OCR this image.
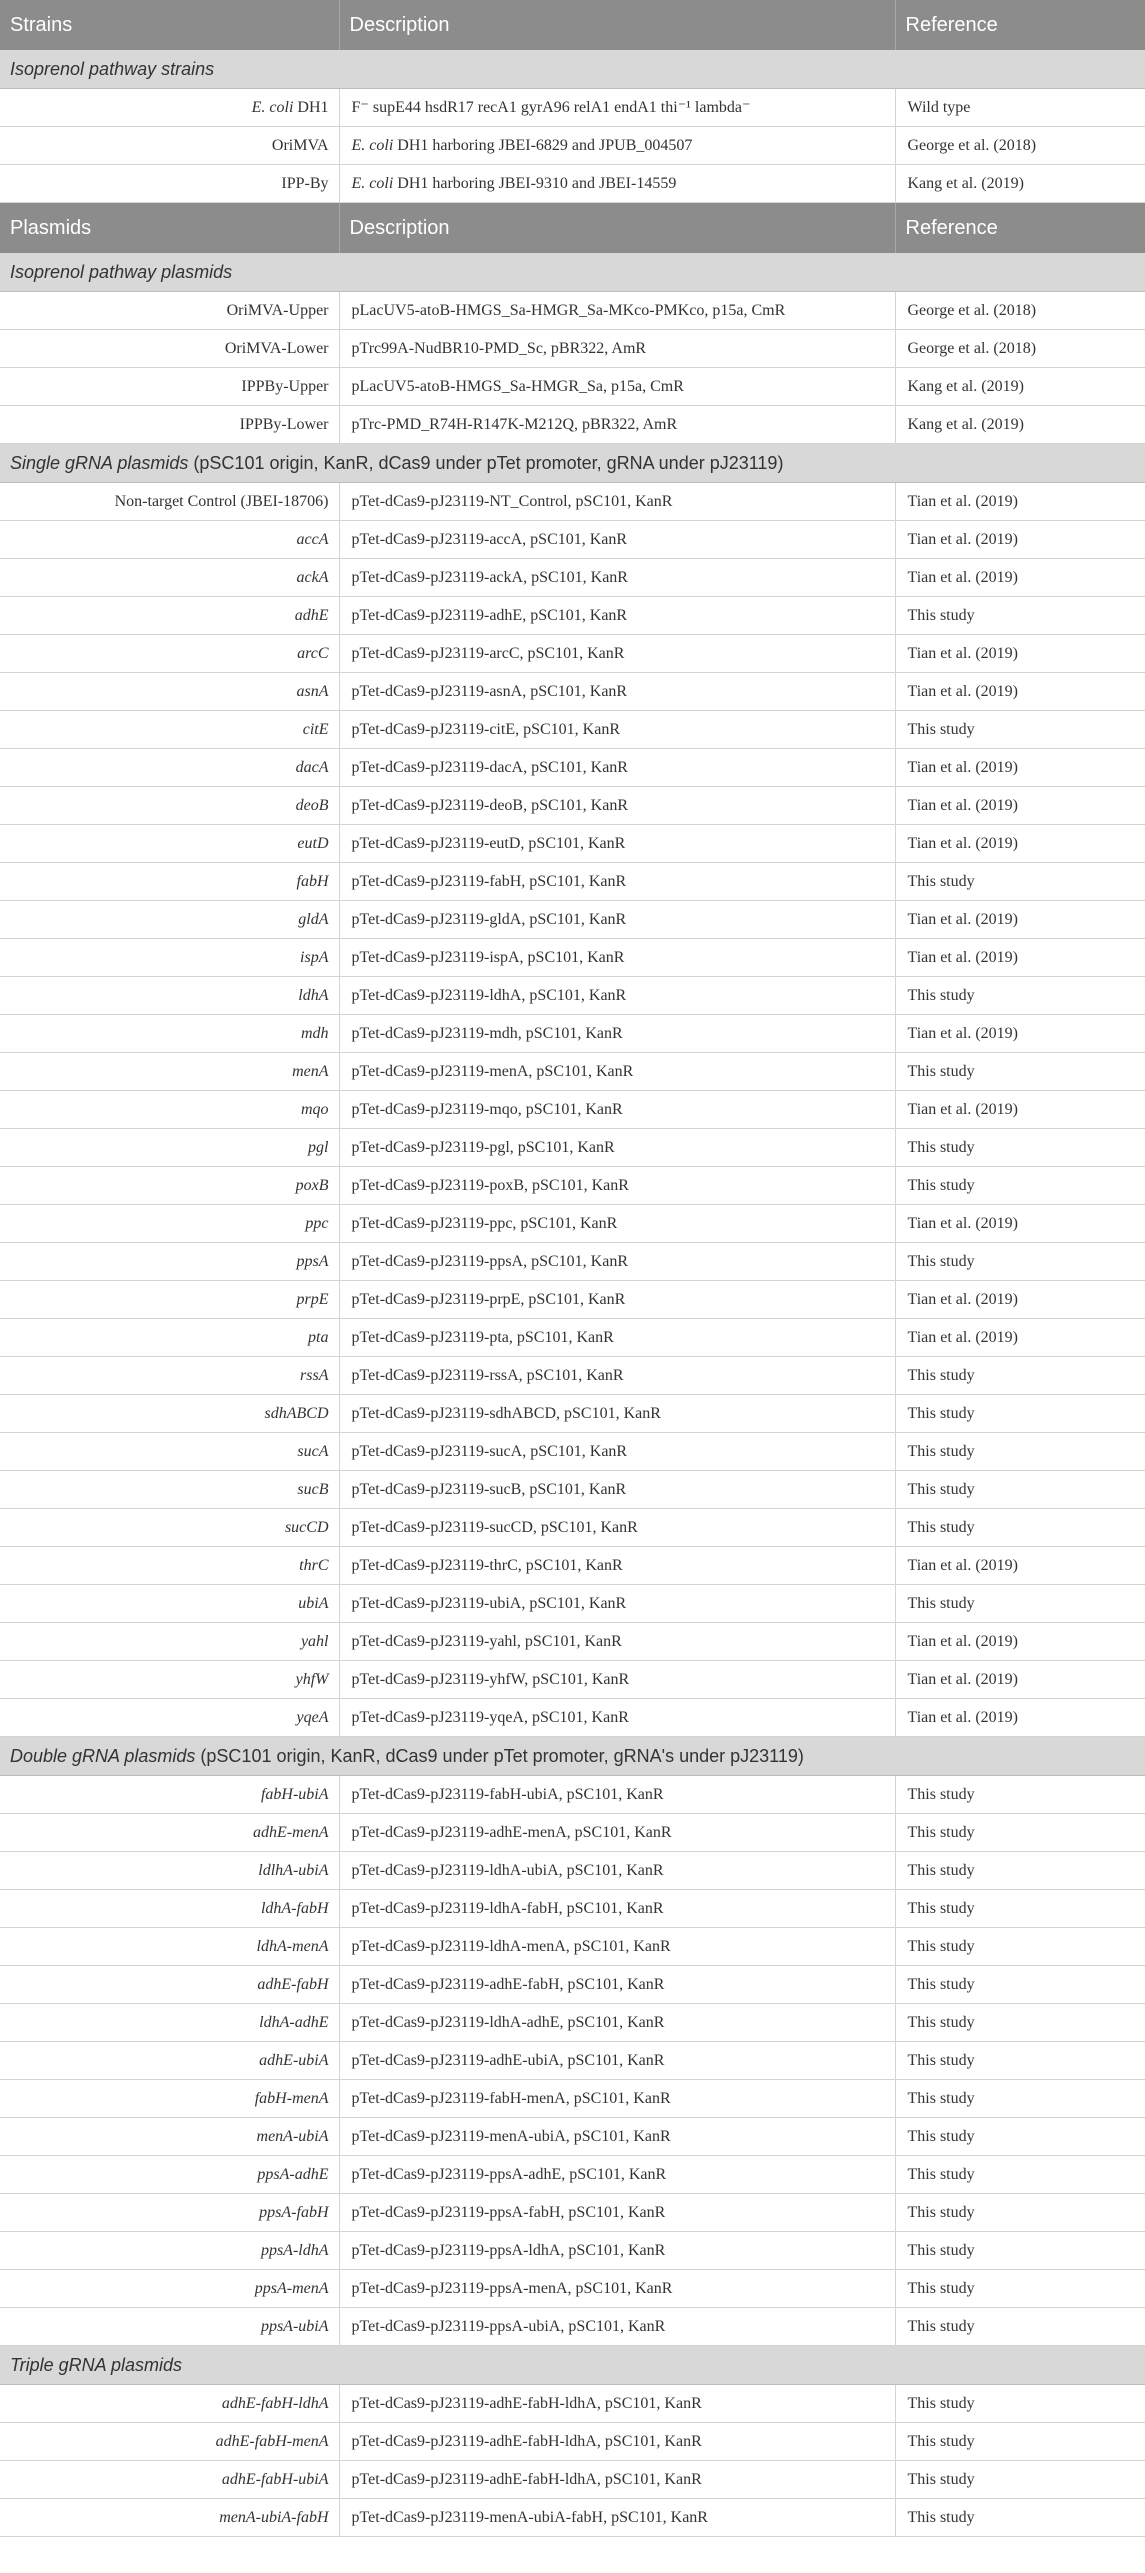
Strains	Description	Reference
Isoprenol pathway strains		
E. coli DH1	F⁻ supE44 hsdR17 recA1 gyrA96 relA1 endA1 thi⁻¹ lambda⁻	Wild type
OriMVA	E. coli DH1 harboring JBEI-6829 and JPUB_004507	George et al. (2018)
IPP-By	E. coli DH1 harboring JBEI-9310 and JBEI-14559	Kang et al. (2019)
Plasmids	Description	Reference
Isoprenol pathway plasmids		
OriMVA-Upper	pLacUV5-atoB-HMGS_Sa-HMGR_Sa-MKco-PMKco, p15a, CmR	George et al. (2018)
OriMVA-Lower	pTrc99A-NudBR10-PMD_Sc, pBR322, AmR	George et al. (2018)
IPPBy-Upper	pLacUV5-atoB-HMGS_Sa-HMGR_Sa, p15a, CmR	Kang et al. (2019)
IPPBy-Lower	pTrc-PMD_R74H-R147K-M212Q, pBR322, AmR	Kang et al. (2019)
Single gRNA plasmids (pSC101 origin, KanR, dCas9 under pTet promoter, gRNA under pJ23119)		
Non-target Control (JBEI-18706)	pTet-dCas9-pJ23119-NT_Control, pSC101, KanR	Tian et al. (2019)
accA	pTet-dCas9-pJ23119-accA, pSC101, KanR	Tian et al. (2019)
ackA	pTet-dCas9-pJ23119-ackA, pSC101, KanR	Tian et al. (2019)
adhE	pTet-dCas9-pJ23119-adhE, pSC101, KanR	This study
arcC	pTet-dCas9-pJ23119-arcC, pSC101, KanR	Tian et al. (2019)
asnA	pTet-dCas9-pJ23119-asnA, pSC101, KanR	Tian et al. (2019)
citE	pTet-dCas9-pJ23119-citE, pSC101, KanR	This study
dacA	pTet-dCas9-pJ23119-dacA, pSC101, KanR	Tian et al. (2019)
deoB	pTet-dCas9-pJ23119-deoB, pSC101, KanR	Tian et al. (2019)
eutD	pTet-dCas9-pJ23119-eutD, pSC101, KanR	Tian et al. (2019)
fabH	pTet-dCas9-pJ23119-fabH, pSC101, KanR	This study
gldA	pTet-dCas9-pJ23119-gldA, pSC101, KanR	Tian et al. (2019)
ispA	pTet-dCas9-pJ23119-ispA, pSC101, KanR	Tian et al. (2019)
ldhA	pTet-dCas9-pJ23119-ldhA, pSC101, KanR	This study
mdh	pTet-dCas9-pJ23119-mdh, pSC101, KanR	Tian et al. (2019)
menA	pTet-dCas9-pJ23119-menA, pSC101, KanR	This study
mqo	pTet-dCas9-pJ23119-mqo, pSC101, KanR	Tian et al. (2019)
pgl	pTet-dCas9-pJ23119-pgl, pSC101, KanR	This study
poxB	pTet-dCas9-pJ23119-poxB, pSC101, KanR	This study
ppc	pTet-dCas9-pJ23119-ppc, pSC101, KanR	Tian et al. (2019)
ppsA	pTet-dCas9-pJ23119-ppsA, pSC101, KanR	This study
prpE	pTet-dCas9-pJ23119-prpE, pSC101, KanR	Tian et al. (2019)
pta	pTet-dCas9-pJ23119-pta, pSC101, KanR	Tian et al. (2019)
rssA	pTet-dCas9-pJ23119-rssA, pSC101, KanR	This study
sdhABCD	pTet-dCas9-pJ23119-sdhABCD, pSC101, KanR	This study
sucA	pTet-dCas9-pJ23119-sucA, pSC101, KanR	This study
sucB	pTet-dCas9-pJ23119-sucB, pSC101, KanR	This study
sucCD	pTet-dCas9-pJ23119-sucCD, pSC101, KanR	This study
thrC	pTet-dCas9-pJ23119-thrC, pSC101, KanR	Tian et al. (2019)
ubiA	pTet-dCas9-pJ23119-ubiA, pSC101, KanR	This study
yahl	pTet-dCas9-pJ23119-yahl, pSC101, KanR	Tian et al. (2019)
yhfW	pTet-dCas9-pJ23119-yhfW, pSC101, KanR	Tian et al. (2019)
yqeA	pTet-dCas9-pJ23119-yqeA, pSC101, KanR	Tian et al. (2019)
Double gRNA plasmids (pSC101 origin, KanR, dCas9 under pTet promoter, gRNA's under pJ23119)		
fabH-ubiA	pTet-dCas9-pJ23119-fabH-ubiA, pSC101, KanR	This study
adhE-menA	pTet-dCas9-pJ23119-adhE-menA, pSC101, KanR	This study
ldlhA-ubiA	pTet-dCas9-pJ23119-ldhA-ubiA, pSC101, KanR	This study
ldhA-fabH	pTet-dCas9-pJ23119-ldhA-fabH, pSC101, KanR	This study
ldhA-menA	pTet-dCas9-pJ23119-ldhA-menA, pSC101, KanR	This study
adhE-fabH	pTet-dCas9-pJ23119-adhE-fabH, pSC101, KanR	This study
ldhA-adhE	pTet-dCas9-pJ23119-ldhA-adhE, pSC101, KanR	This study
adhE-ubiA	pTet-dCas9-pJ23119-adhE-ubiA, pSC101, KanR	This study
fabH-menA	pTet-dCas9-pJ23119-fabH-menA, pSC101, KanR	This study
menA-ubiA	pTet-dCas9-pJ23119-menA-ubiA, pSC101, KanR	This study
ppsA-adhE	pTet-dCas9-pJ23119-ppsA-adhE, pSC101, KanR	This study
ppsA-fabH	pTet-dCas9-pJ23119-ppsA-fabH, pSC101, KanR	This study
ppsA-ldhA	pTet-dCas9-pJ23119-ppsA-ldhA, pSC101, KanR	This study
ppsA-menA	pTet-dCas9-pJ23119-ppsA-menA, pSC101, KanR	This study
ppsA-ubiA	pTet-dCas9-pJ23119-ppsA-ubiA, pSC101, KanR	This study
Triple gRNA plasmids		
adhE-fabH-ldhA	pTet-dCas9-pJ23119-adhE-fabH-ldhA, pSC101, KanR	This study
adhE-fabH-menA	pTet-dCas9-pJ23119-adhE-fabH-ldhA, pSC101, KanR	This study
adhE-fabH-ubiA	pTet-dCas9-pJ23119-adhE-fabH-ldhA, pSC101, KanR	This study
menA-ubiA-fabH	pTet-dCas9-pJ23119-menA-ubiA-fabH, pSC101, KanR	This study
